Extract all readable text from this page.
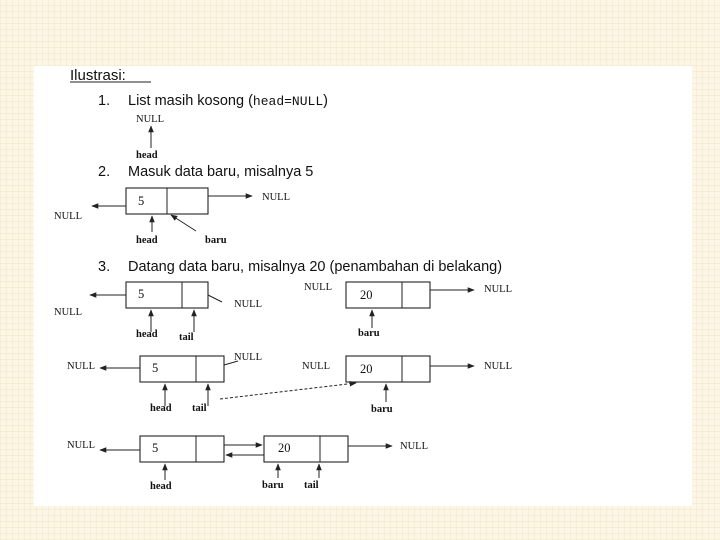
Ilustrasi:
1. List masih kosong (head=NULL)
NULL
head
2. Masuk data baru, misalnya 5
5	NULL
NULL
head	baru
3. Datang data baru, misalnya 20 (penambahan di belakang)
5
NULL
NULL
head tail
NULL
20	NULL
baru
NULL	5
NULL
head tail
NULL 20	NULL
baru
NULL	5	20	NULL
head	baru tail
